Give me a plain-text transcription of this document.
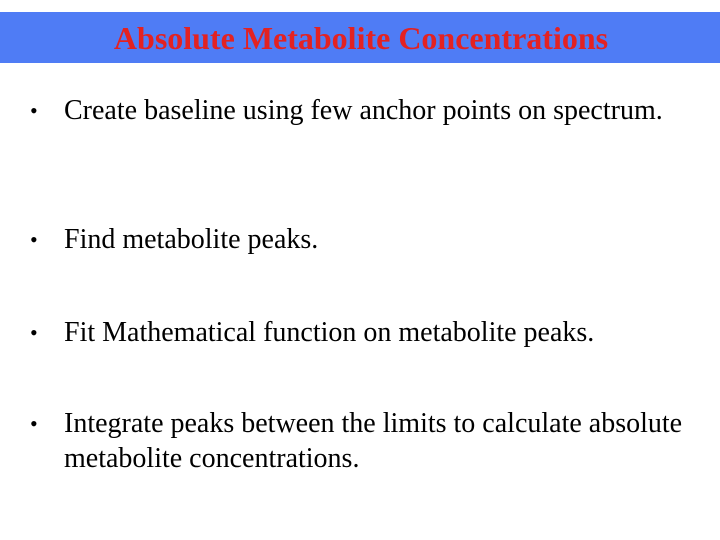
Absolute Metabolite Concentrations
• Create baseline using few anchor points on spectrum.
• Find metabolite peaks.
• Fit Mathematical function on metabolite peaks.
• Integrate peaks between the limits to calculate absolute metabolite concentrations.
